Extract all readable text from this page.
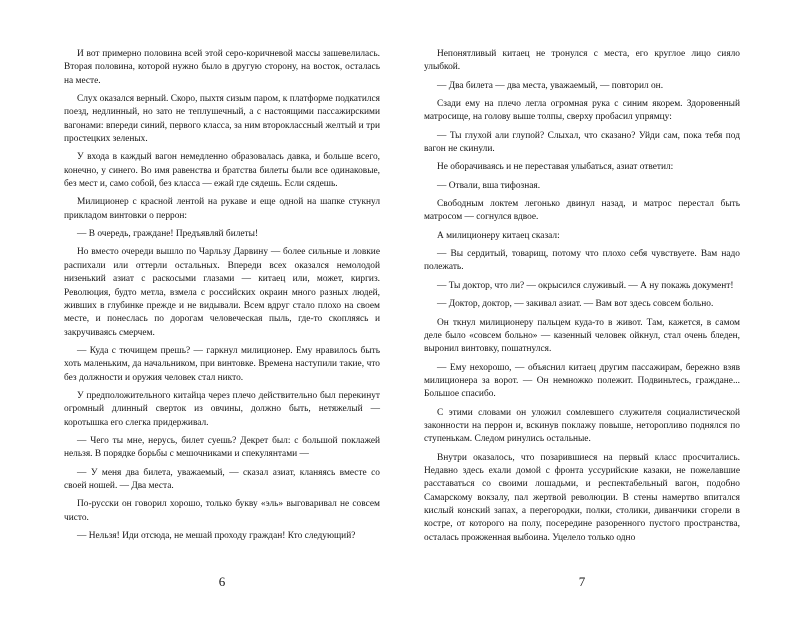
И вот примерно половина всей этой серо-коричневой массы зашевелилась. Вторая половина, которой нужно было в другую сторону, на восток, осталась на месте.

Слух оказался верный. Скоро, пыхтя сизым паром, к платформе подкатился поезд, недлинный, но зато не теплушечный, а с настоящими пассажирскими вагонами: впереди синий, первого класса, за ним второклассный желтый и три простецких зеленых.

У входа в каждый вагон немедленно образовалась давка, и больше всего, конечно, у синего. Во имя равенства и братства билеты были все одинаковые, без мест и, само собой, без класса — ежай где сядешь. Если сядешь.

Милиционер с красной лентой на рукаве и еще одной на шапке стукнул прикладом винтовки о перрон:

— В очередь, граждане! Предъявляй билеты!

Но вместо очереди вышло по Чарльзу Дарвину — более сильные и ловкие распихали или оттерли остальных. Впереди всех оказался немолодой низенький азиат с раскосыми глазами — китаец или, может, киргиз. Революция, будто метла, взмела с российских окраин много разных людей, живших в глубинке прежде и не видывали. Всем вдруг стало плохо на своем месте, и понеслась по дорогам человеческая пыль, где-то скопляясь и закручиваясь смерчем.

— Куда с тючищем прешь? — гаркнул милиционер. Ему нравилось быть хоть маленьким, да начальником, при винтовке. Времена наступили такие, что без должности и оружия человек стал никто.

У предположительного китайца через плечо действительно был перекинут огромный длинный сверток из овчины, должно быть, нетяжелый — коротышка его слегка придерживал.

— Чего ты мне, нерусь, билет суешь? Декрет был: с большой поклажей нельзя. В порядке борьбы с мешочниками и спекулянтами —

— У меня два билета, уважаемый, — сказал азиат, кланяясь вместе со своей ношей. — Два места.

По-русски он говорил хорошо, только букву «эль» выговаривал не совсем чисто.

— Нельзя! Иди отсюда, не мешай проходу граждан! Кто следующий?

6

Непонятливый китаец не тронулся с места, его круглое лицо сияло улыбкой.

— Два билета — два места, уважаемый, — повторил он.

Сзади ему на плечо легла огромная рука с синим якорем. Здоровенный матросище, на голову выше толпы, сверху пробасил упрямцу:

— Ты глухой али глупой? Слыхал, что сказано? Уйди сам, пока тебя под вагон не скинули.

Не оборачиваясь и не переставая улыбаться, азиат ответил:

— Отвали, вша тифозная.

Свободным локтем легонько двинул назад, и матрос перестал быть матросом — согнулся вдвое.

А милиционеру китаец сказал:

— Вы сердитый, товарищ, потому что плохо себя чувствуете. Вам надо полежать.

— Ты доктор, что ли? — окрысился служивый. — А ну покажь документ!

— Доктор, доктор, — закивал азиат. — Вам вот здесь совсем больно.

Он ткнул милиционеру пальцем куда-то в живот. Там, кажется, в самом деле было «совсем больно» — казенный человек ойкнул, стал очень бледен, выронил винтовку, пошатнулся.

— Ему нехорошо, — объяснил китаец другим пассажирам, бережно взяв милиционера за ворот. — Он немножко полежит. Подвиньтесь, граждане... Большое спасибо.

С этими словами он уложил сомлевшего служителя социалистической законности на перрон и, вскинув поклажу повыше, неторопливо поднялся по ступенькам. Следом ринулись остальные.

Внутри оказалось, что позарившиеся на первый класс просчитались. Недавно здесь ехали домой с фронта уссурийские казаки, не пожелавшие расставаться со своими лошадьми, и респектабельный вагон, подобно Самарскому вокзалу, пал жертвой революции. В стены намертво впитался кислый конский запах, а перегородки, полки, столики, диванчики сгорели в костре, от которого на полу, посередине разоренного пустого пространства, осталась прожженная выбоина. Уцелело только одно

7
